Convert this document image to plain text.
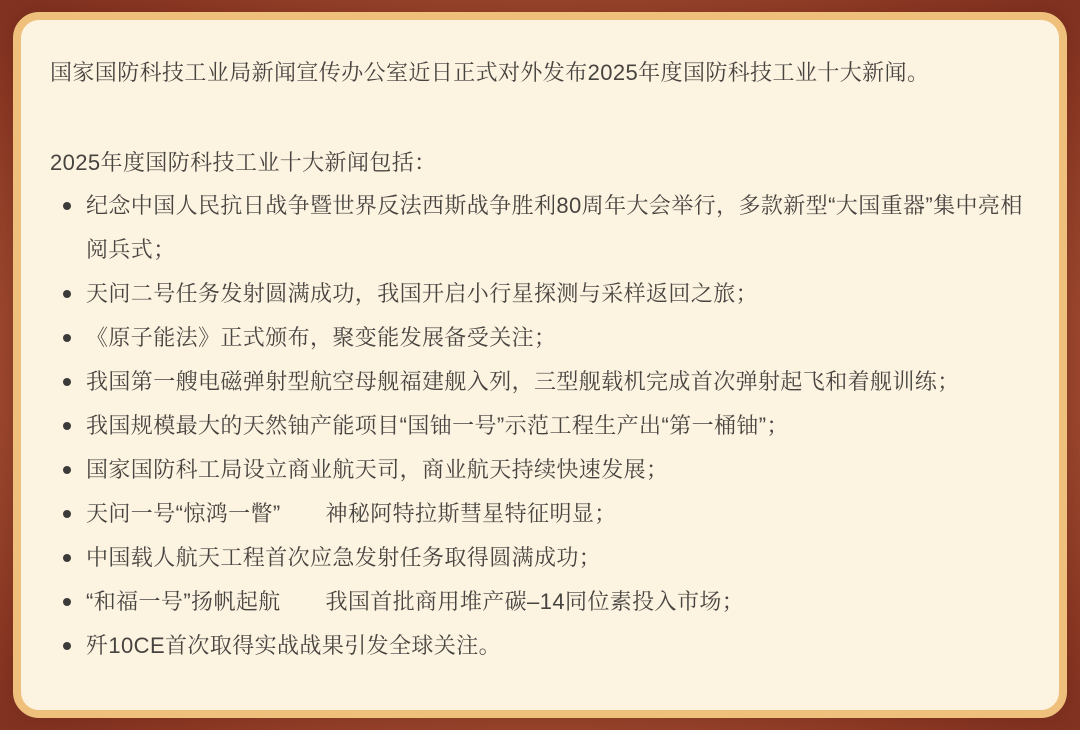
国家国防科技工业局新闻宣传办公室近日正式对外发布2025年度国防科技工业十大新闻。

2025年度国防科技工业十大新闻包括：

纪念中国人民抗日战争暨世界反法西斯战争胜利80周年大会举行，多款新型“大国重器”集中亮相阅兵式；
天问二号任务发射圆满成功，我国开启小行星探测与采样返回之旅；
《原子能法》正式颁布，聚变能发展备受关注；
我国第一艘电磁弹射型航空母舰福建舰入列，三型舰载机完成首次弹射起飞和着舰训练；
我国规模最大的天然铀产能项目“国铀一号”示范工程生产出“第一桶铀”；
国家国防科工局设立商业航天司，商业航天持续快速发展；
天问一号“惊鸿一瞥”　　神秘阿特拉斯彗星特征明显；
中国载人航天工程首次应急发射任务取得圆满成功；
“和福一号”扬帆起航　　我国首批商用堆产碳–14同位素投入市场；
歼10CE首次取得实战战果引发全球关注。
